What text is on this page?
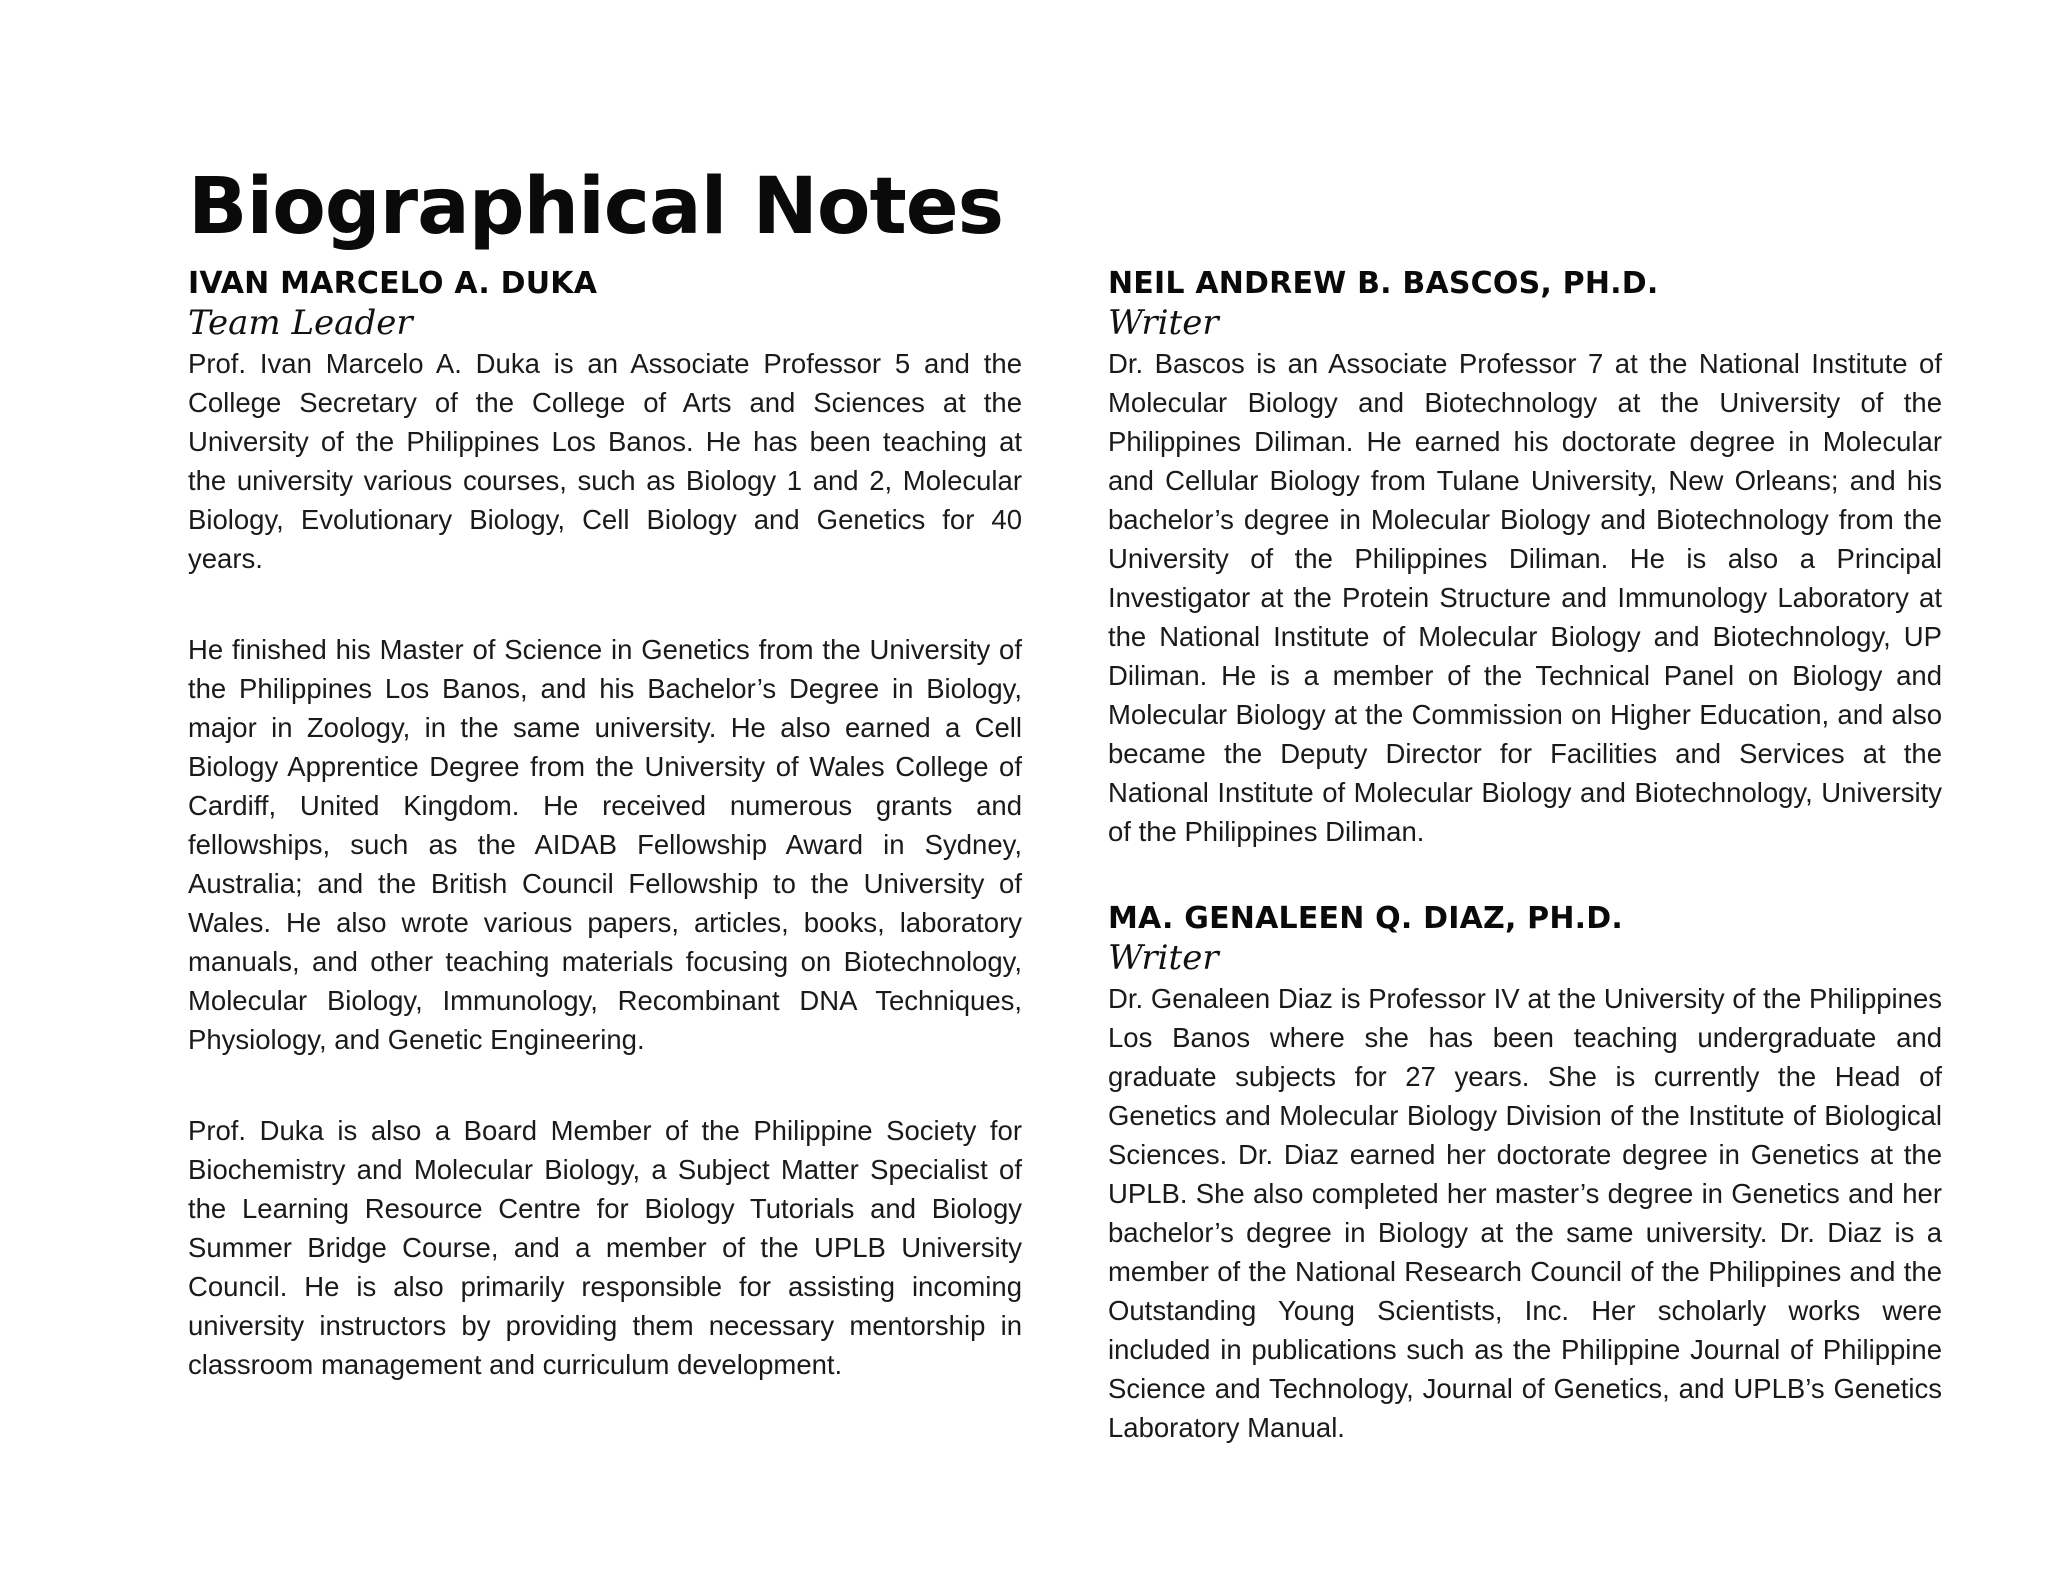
Biographical Notes
IVAN MARCELO A. DUKA
Team Leader

Prof. Ivan Marcelo A. Duka is an Associate Professor 5 and the College Secretary of the College of Arts and Sciences at the University of the Philippines Los Banos. He has been teaching at the university various courses, such as Biology 1 and 2, Molecular Biology, Evolutionary Biology, Cell Biology and Genetics for 40 years.

He finished his Master of Science in Genetics from the University of the Philippines Los Banos, and his Bachelor’s Degree in Biology, major in Zoology, in the same university. He also earned a Cell Biology Apprentice Degree from the University of Wales College of Cardiff, United Kingdom. He received numerous grants and fellowships, such as the AIDAB Fellowship Award in Sydney, Australia; and the British Council Fellowship to the University of Wales. He also wrote various papers, articles, books, laboratory manuals, and other teaching materials focusing on Biotechnology, Molecular Biology, Immunology, Recombinant DNA Techniques, Physiology, and Genetic Engineering.

Prof. Duka is also a Board Member of the Philippine Society for Biochemistry and Molecular Biology, a Subject Matter Specialist of the Learning Resource Centre for Biology Tutorials and Biology Summer Bridge Course, and a member of the UPLB University Council. He is also primarily responsible for assisting incoming university instructors by providing them necessary mentorship in classroom management and curriculum development.

NEIL ANDREW B. BASCOS, PH.D.
Writer

Dr. Bascos is an Associate Professor 7 at the National Institute of Molecular Biology and Biotechnology at the University of the Philippines Diliman. He earned his doctorate degree in Molecular and Cellular Biology from Tulane University, New Orleans; and his bachelor’s degree in Molecular Biology and Biotechnology from the University of the Philippines Diliman. He is also a Principal Investigator at the Protein Structure and Immunology Laboratory at the National Institute of Molecular Biology and Biotechnology, UP Diliman. He is a member of the Technical Panel on Biology and Molecular Biology at the Commission on Higher Education, and also became the Deputy Director for Facilities and Services at the National Institute of Molecular Biology and Biotechnology, University of the Philippines Diliman.

MA. GENALEEN Q. DIAZ, PH.D.
Writer

Dr. Genaleen Diaz is Professor IV at the University of the Philippines Los Banos where she has been teaching undergraduate and graduate subjects for 27 years. She is currently the Head of Genetics and Molecular Biology Division of the Institute of Biological Sciences. Dr. Diaz earned her doctorate degree in Genetics at the UPLB. She also completed her master’s degree in Genetics and her bachelor’s degree in Biology at the same university. Dr. Diaz is a member of the National Research Council of the Philippines and the Outstanding Young Scientists, Inc. Her scholarly works were included in publications such as the Philippine Journal of Philippine Science and Technology, Journal of Genetics, and UPLB’s Genetics Laboratory Manual.
